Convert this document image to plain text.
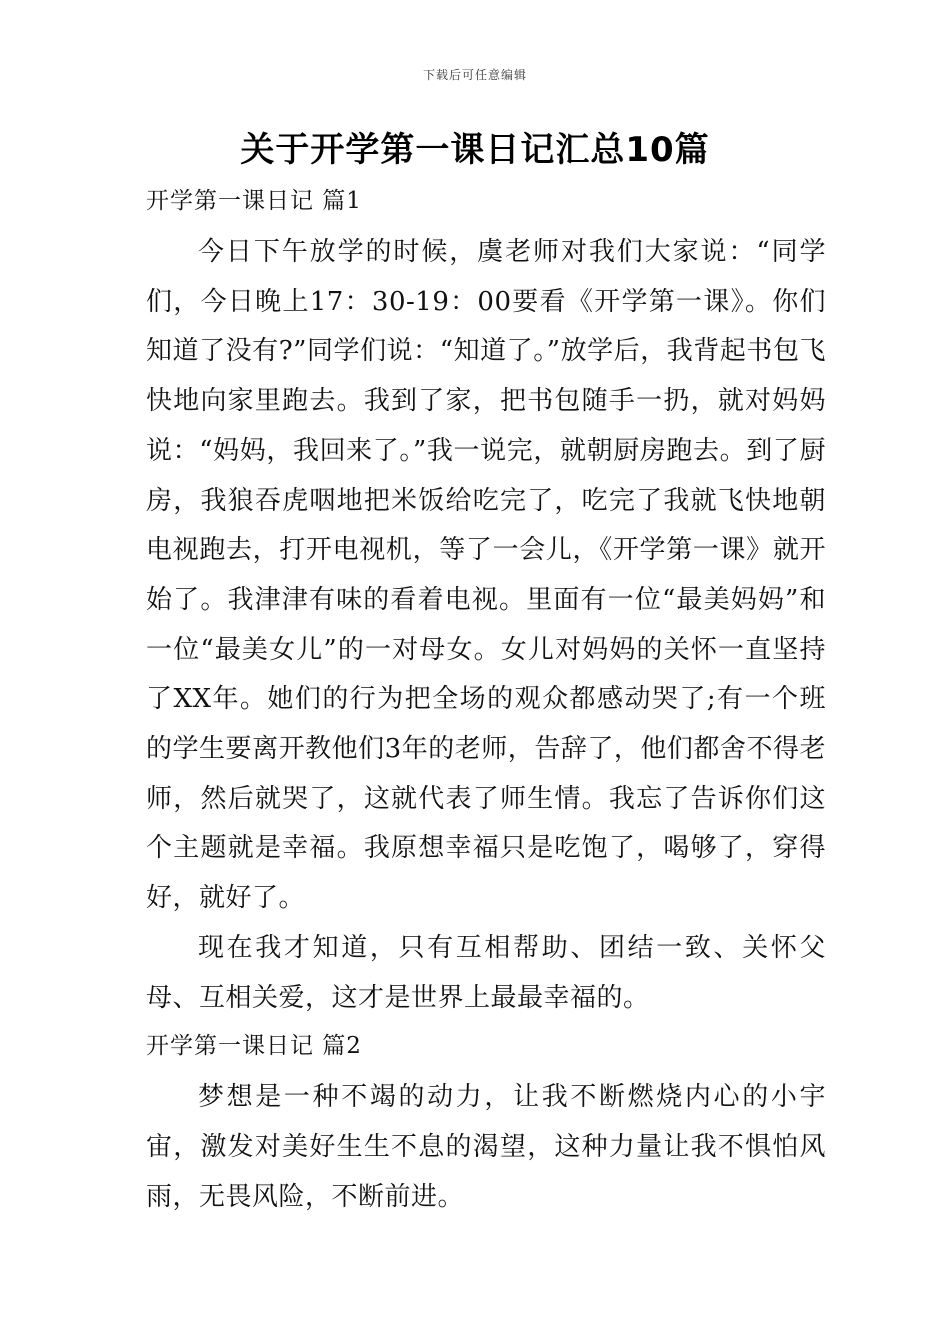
下载后可任意编辑
关于开学第一课日记汇总10篇

开学第一课日记 篇1

今日下午放学的时候，虞老师对我们大家说：“同学们，今日晚上17：30-19：00要看《开学第一课》。你们知道了没有?”同学们说：“知道了。”放学后，我背起书包飞快地向家里跑去。我到了家，把书包随手一扔，就对妈妈说：“妈妈，我回来了。”我一说完，就朝厨房跑去。到了厨房，我狼吞虎咽地把米饭给吃完了，吃完了我就飞快地朝电视跑去，打开电视机，等了一会儿，《开学第一课》就开始了。我津津有味的看着电视。里面有一位“最美妈妈”和一位“最美女儿”的一对母女。女儿对妈妈的关怀一直坚持了XX年。她们的行为把全场的观众都感动哭了;有一个班的学生要离开教他们3年的老师，告辞了，他们都舍不得老师，然后就哭了，这就代表了师生情。我忘了告诉你们这个主题就是幸福。我原想幸福只是吃饱了，喝够了，穿得好，就好了。

现在我才知道，只有互相帮助、团结一致、关怀父母、互相关爱，这才是世界上最最幸福的。

开学第一课日记 篇2

梦想是一种不竭的动力，让我不断燃烧内心的小宇宙，激发对美好生生不息的渴望，这种力量让我不惧怕风雨，无畏风险，不断前进。
